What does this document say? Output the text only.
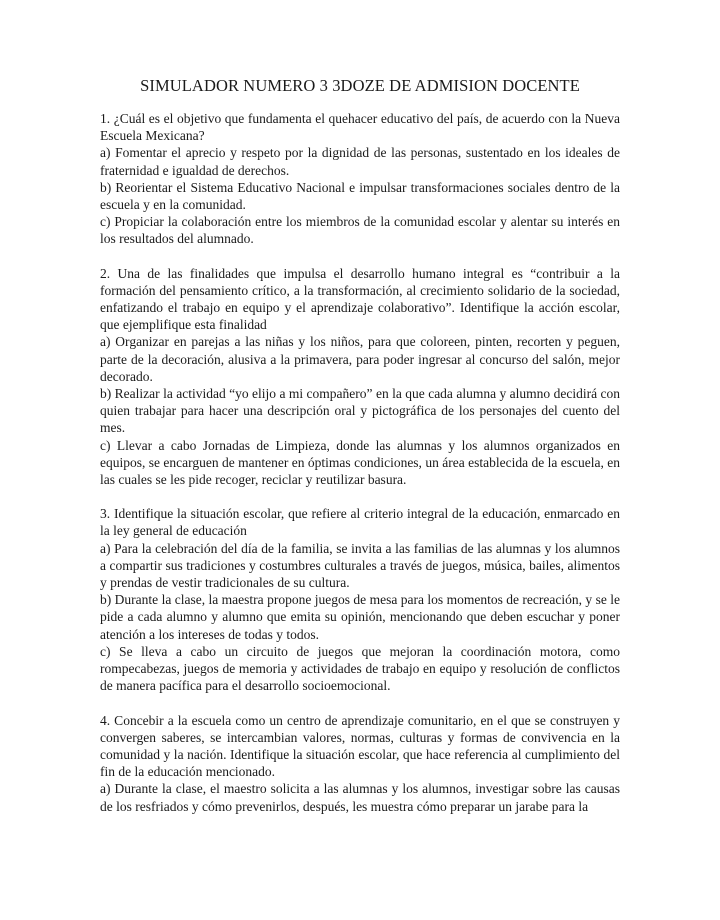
SIMULADOR NUMERO 3 3DOZE DE ADMISION DOCENTE

1. ¿Cuál es el objetivo que fundamenta el quehacer educativo del país, de acuerdo con la Nueva Escuela Mexicana?

a) Fomentar el aprecio y respeto por la dignidad de las personas, sustentado en los ideales de fraternidad e igualdad de derechos.

b) Reorientar el Sistema Educativo Nacional e impulsar transformaciones sociales dentro de la escuela y en la comunidad.

c) Propiciar la colaboración entre los miembros de la comunidad escolar y alentar su interés en los resultados del alumnado.

2. Una de las finalidades que impulsa el desarrollo humano integral es “contribuir a la formación del pensamiento crítico, a la transformación, al crecimiento solidario de la sociedad, enfatizando el trabajo en equipo y el aprendizaje colaborativo”. Identifique la acción escolar, que ejemplifique esta finalidad

a) Organizar en parejas a las niñas y los niños, para que coloreen, pinten, recorten y peguen, parte de la decoración, alusiva a la primavera, para poder ingresar al concurso del salón, mejor decorado.

b) Realizar la actividad “yo elijo a mi compañero” en la que cada alumna y alumno decidirá con quien trabajar para hacer una descripción oral y pictográfica de los personajes del cuento del mes.

c) Llevar a cabo Jornadas de Limpieza, donde las alumnas y los alumnos organizados en equipos, se encarguen de mantener en óptimas condiciones, un área establecida de la escuela, en las cuales se les pide recoger, reciclar y reutilizar basura.

3. Identifique la situación escolar, que refiere al criterio integral de la educación, enmarcado en la ley general de educación

a) Para la celebración del día de la familia, se invita a las familias de las alumnas y los alumnos a compartir sus tradiciones y costumbres culturales a través de juegos, música, bailes, alimentos y prendas de vestir tradicionales de su cultura.

b) Durante la clase, la maestra propone juegos de mesa para los momentos de recreación, y se le pide a cada alumno y alumno que emita su opinión, mencionando que deben escuchar y poner atención a los intereses de todas y todos.

c) Se lleva a cabo un circuito de juegos que mejoran la coordinación motora, como rompecabezas, juegos de memoria y actividades de trabajo en equipo y resolución de conflictos de manera pacífica para el desarrollo socioemocional.

4. Concebir a la escuela como un centro de aprendizaje comunitario, en el que se construyen y convergen saberes, se intercambian valores, normas, culturas y formas de convivencia en la comunidad y la nación. Identifique la situación escolar, que hace referencia al cumplimiento del fin de la educación mencionado.

a) Durante la clase, el maestro solicita a las alumnas y los alumnos, investigar sobre las causas de los resfriados y cómo prevenirlos, después, les muestra cómo preparar un jarabe para la
